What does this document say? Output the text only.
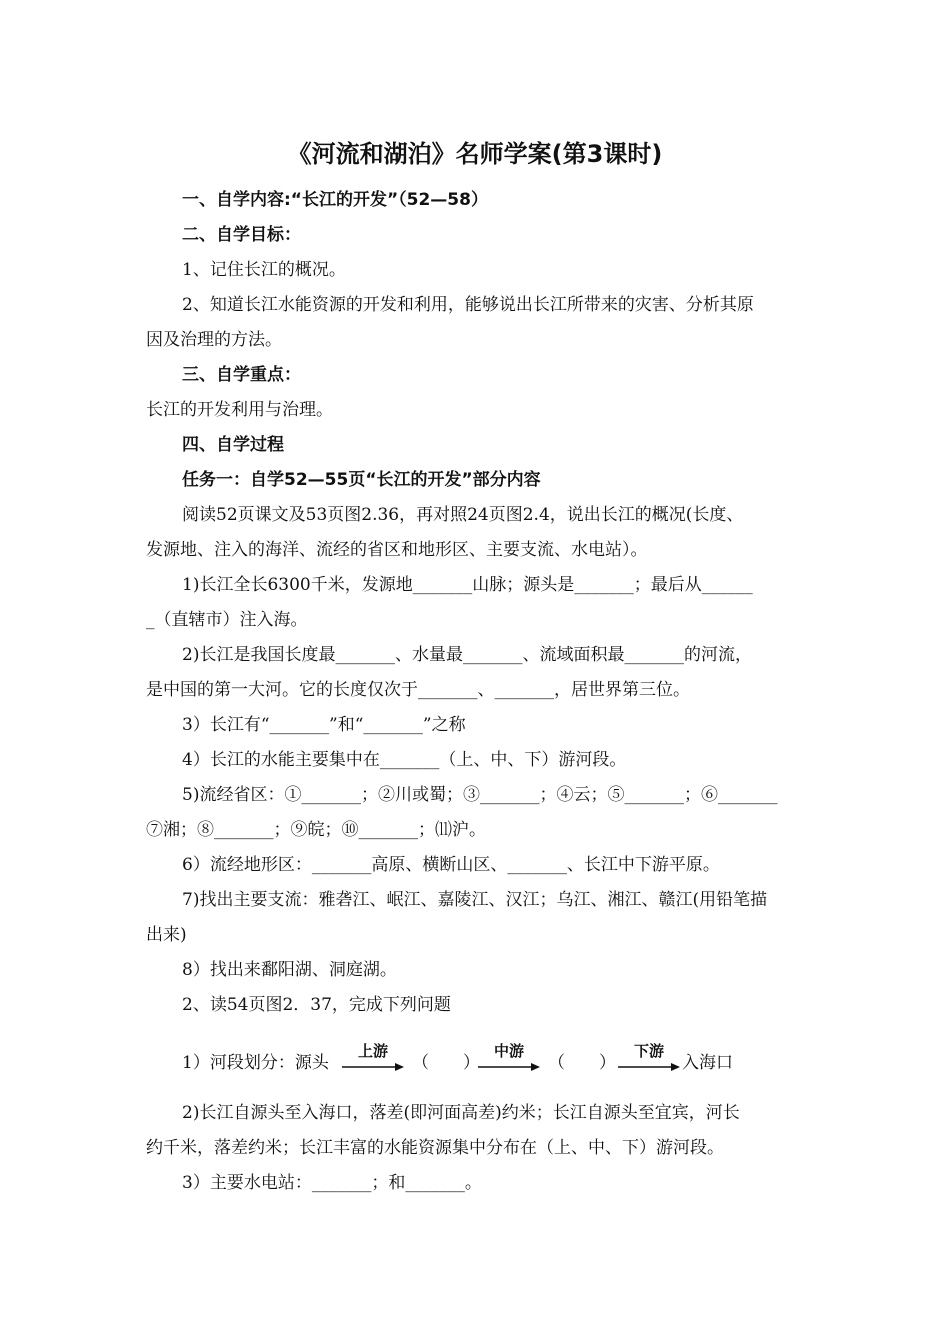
《河流和湖泊》名师学案(第3课时)
一、自学内容:“长江的开发”（52—58）
二、自学目标：
1、记住长江的概况。
2、知道长江水能资源的开发和利用，能够说出长江所带来的灾害、分析其原
因及治理的方法。
三、自学重点：
长江的开发利用与治理。
四、自学过程
任务一：自学52—55页“长江的开发”部分内容
阅读52页课文及53页图2.36，再对照24页图2.4，说出长江的概况(长度、
发源地、注入的海洋、流经的省区和地形区、主要支流、水电站）。
1)长江全长6300千米，发源地_______山脉；源头是_______；最后从______
_（直辖市）注入海。
2)长江是我国长度最_______、水量最_______、流域面积最_______的河流，
是中国的第一大河。它的长度仅次于_______、_______，居世界第三位。
3）长江有“_______”和“_______”之称
4）长江的水能主要集中在_______（上、中、下）游河段。
5)流经省区：①_______；②川或蜀；③_______；④云；⑤_______；⑥_______
⑦湘；⑧_______；⑨皖；⑩_______；⑾沪。
6）流经地形区：_______高原、横断山区、_______、长江中下游平原。
7)找出主要支流：雅砻江、岷江、嘉陵江、汉江；乌江、湘江、赣江(用铅笔描
出来)
8）找出来鄱阳湖、洞庭湖。
2、读54页图2．37，完成下列问题
1）河段划分：源头
上游
（　　）
中游
（　　）
下游
入海口
2)长江自源头至入海口，落差(即河面高差)约米；长江自源头至宜宾，河长
约千米，落差约米；长江丰富的水能资源集中分布在（上、中、下）游河段。
3）主要水电站：_______；和_______。
